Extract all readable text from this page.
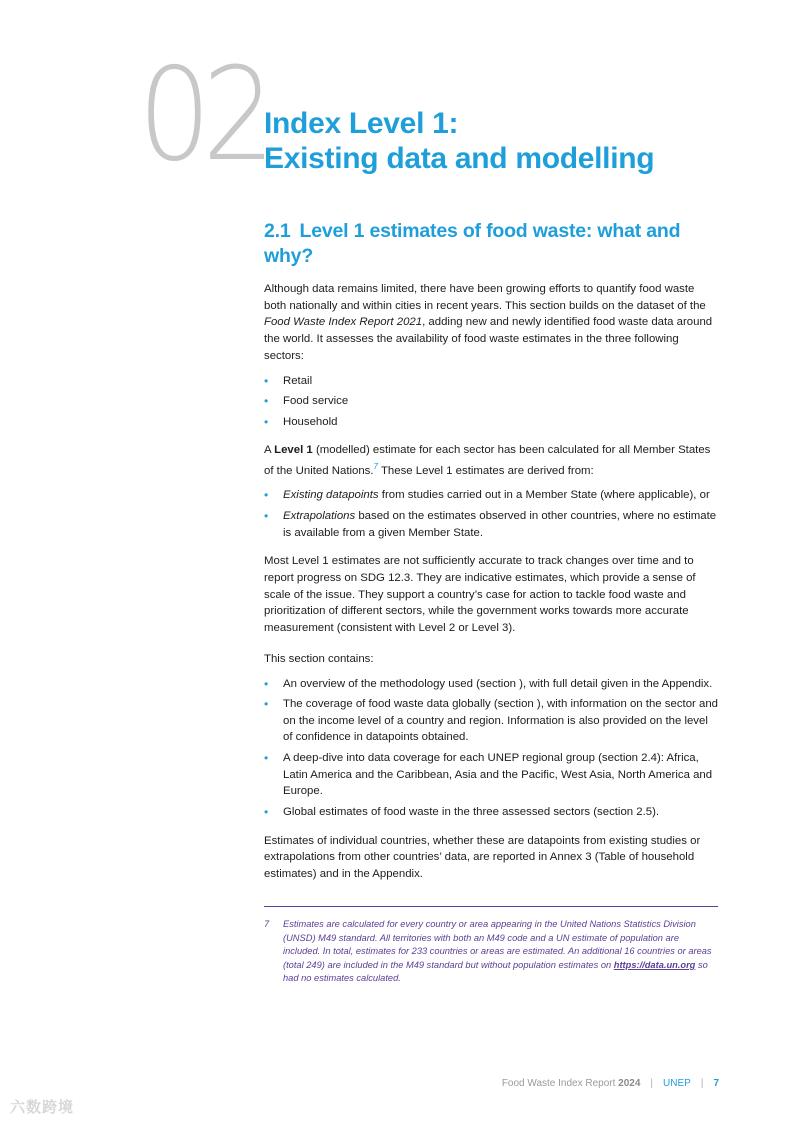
02
Index Level 1:
Existing data and modelling
2.1 Level 1 estimates of food waste: what and why?

Although data remains limited, there have been growing efforts to quantify food waste both nationally and within cities in recent years. This section builds on the dataset of the Food Waste Index Report 2021, adding new and newly identified food waste data around the world. It assesses the availability of food waste estimates in the three following sectors:

• Retail
• Food service
• Household

A Level 1 (modelled) estimate for each sector has been calculated for all Member States of the United Nations.$^7$ These Level 1 estimates are derived from:

• Existing datapoints from studies carried out in a Member State (where applicable), or
• Extrapolations based on the estimates observed in other countries, where no estimate is available from a given Member State.

Most Level 1 estimates are not sufficiently accurate to track changes over time and to report progress on SDG 12.3. They are indicative estimates, which provide a sense of scale of the issue. They support a country’s case for action to tackle food waste and prioritization of different sectors, while the government works towards more accurate measurement (consistent with Level 2 or Level 3).

This section contains:

• An overview of the methodology used (section ), with full detail given in the Appendix.
• The coverage of food waste data globally (section ), with information on the sector and on the income level of a country and region. Information is also provided on the level of confidence in datapoints obtained.
• A deep-dive into data coverage for each UNEP regional group (section 2.4): Africa, Latin America and the Caribbean, Asia and the Pacific, West Asia, North America and Europe.
• Global estimates of food waste in the three assessed sectors (section 2.5).

Estimates of individual countries, whether these are datapoints from existing studies or extrapolations from other countries’ data, are reported in Annex 3 (Table of household estimates) and in the Appendix.

7	Estimates are calculated for every country or area appearing in the United Nations Statistics Division (UNSD) M49 standard. All territories with both an M49 code and a UN estimate of population are included. In total, estimates for 233 countries or areas are estimated. An additional 16 countries or areas (total 249) are included in the M49 standard but without population estimates on https://data.un.org so had no estimates calculated.
Food Waste Index Report 2024 | UNEP | 7
六数跨境
